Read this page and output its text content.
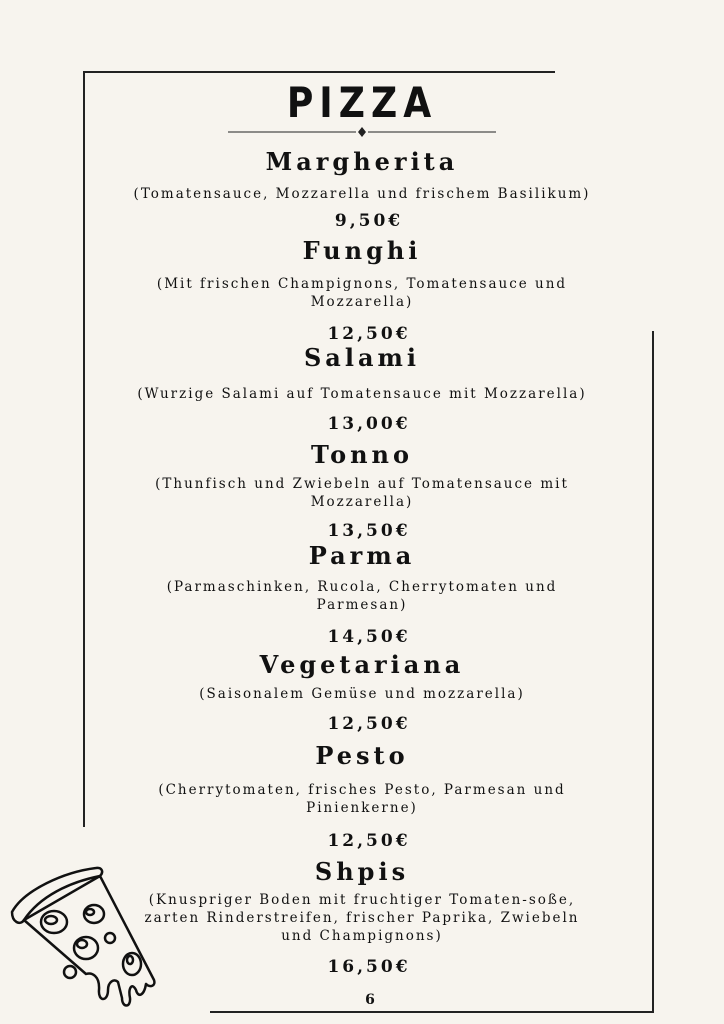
PIZZA
Margherita
(Tomatensauce, Mozzarella und frischem Basilikum)
9,50€
Funghi
(Mit frischen Champignons, Tomatensauce und Mozzarella)
12,50€
Salami
(Wurzige Salami auf Tomatensauce mit Mozzarella)
13,00€
Tonno
(Thunfisch und Zwiebeln auf Tomatensauce mit Mozzarella)
13,50€
Parma
(Parmaschinken, Rucola, Cherrytomaten und Parmesan)
14,50€
Vegetariana
(Saisonalem Gemüse und mozzarella)
12,50€
Pesto
(Cherrytomaten, frisches Pesto, Parmesan und Pinienkerne)
12,50€
Shpis
(Knuspriger Boden mit fruchtiger Tomaten-soße, zarten Rinderstreifen, frischer Paprika, Zwiebeln und Champignons)
16,50€
6
